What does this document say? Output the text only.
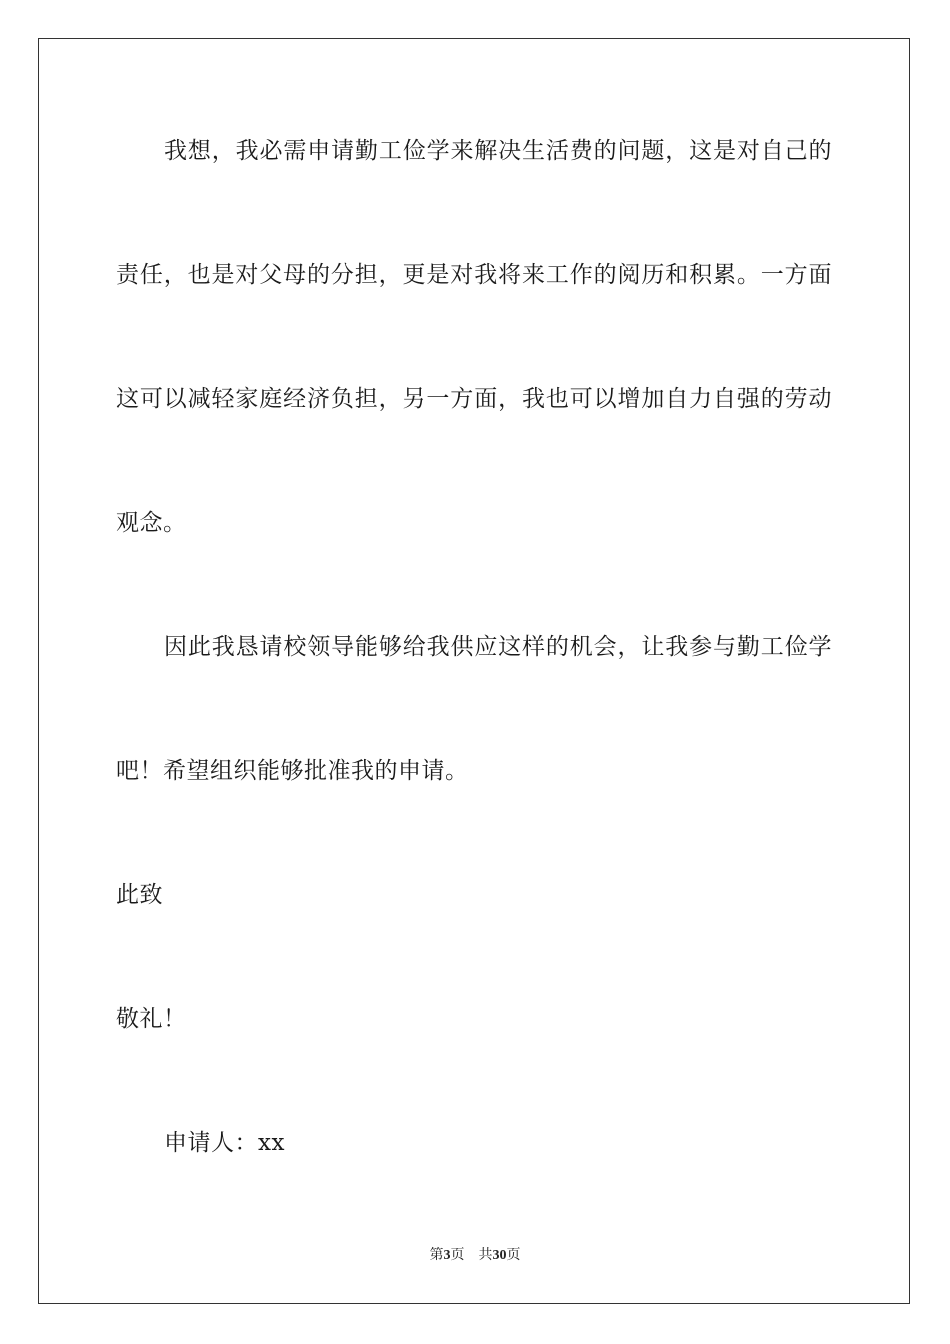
我想，我必需申请勤工俭学来解决生活费的问题，这是对自己的
责任，也是对父母的分担，更是对我将来工作的阅历和积累。一方面
这可以减轻家庭经济负担，另一方面，我也可以增加自力自强的劳动
观念。
因此我恳请校领导能够给我供应这样的机会，让我参与勤工俭学
吧！希望组织能够批准我的申请。
此致
敬礼！
申请人：xx
第3页 共30页
